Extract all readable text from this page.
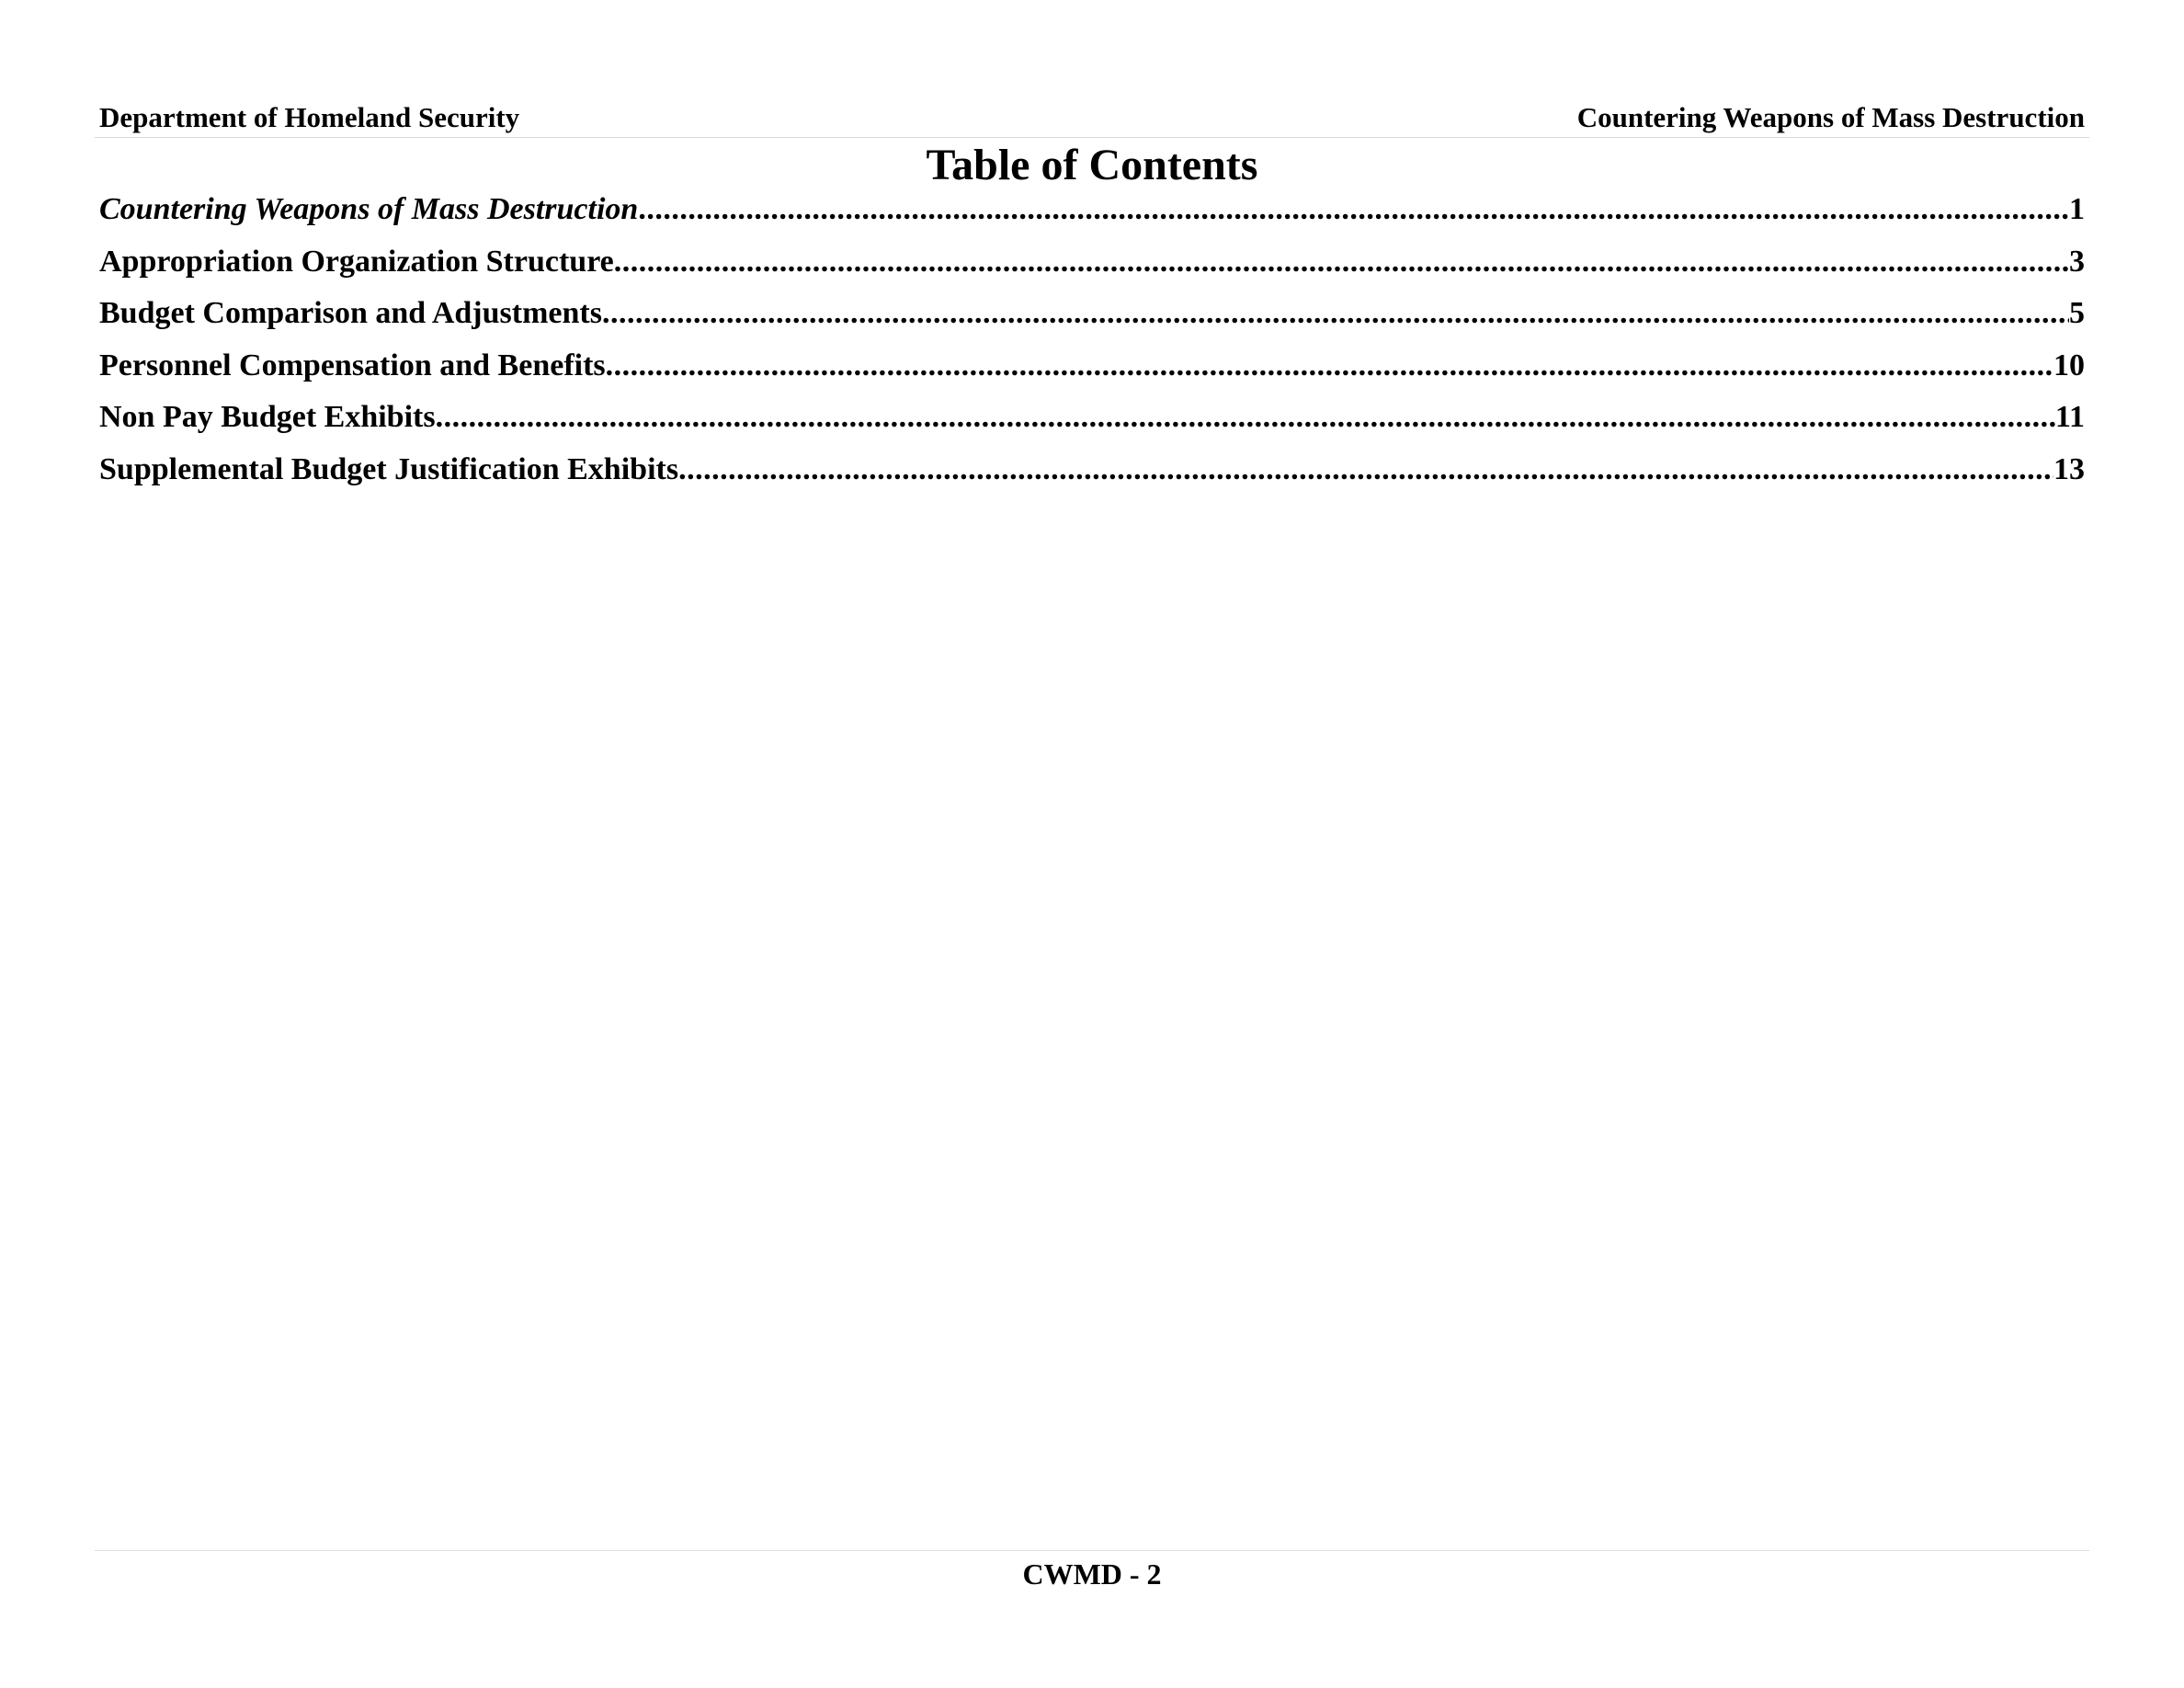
Department of Homeland Security	Countering Weapons of Mass Destruction
Table of Contents
Countering Weapons of Mass Destruction .....	1
Appropriation Organization Structure .....	3
Budget Comparison and Adjustments .....	5
Personnel Compensation and Benefits .....	10
Non Pay Budget Exhibits .....	11
Supplemental Budget Justification Exhibits .....	13
CWMD - 2
